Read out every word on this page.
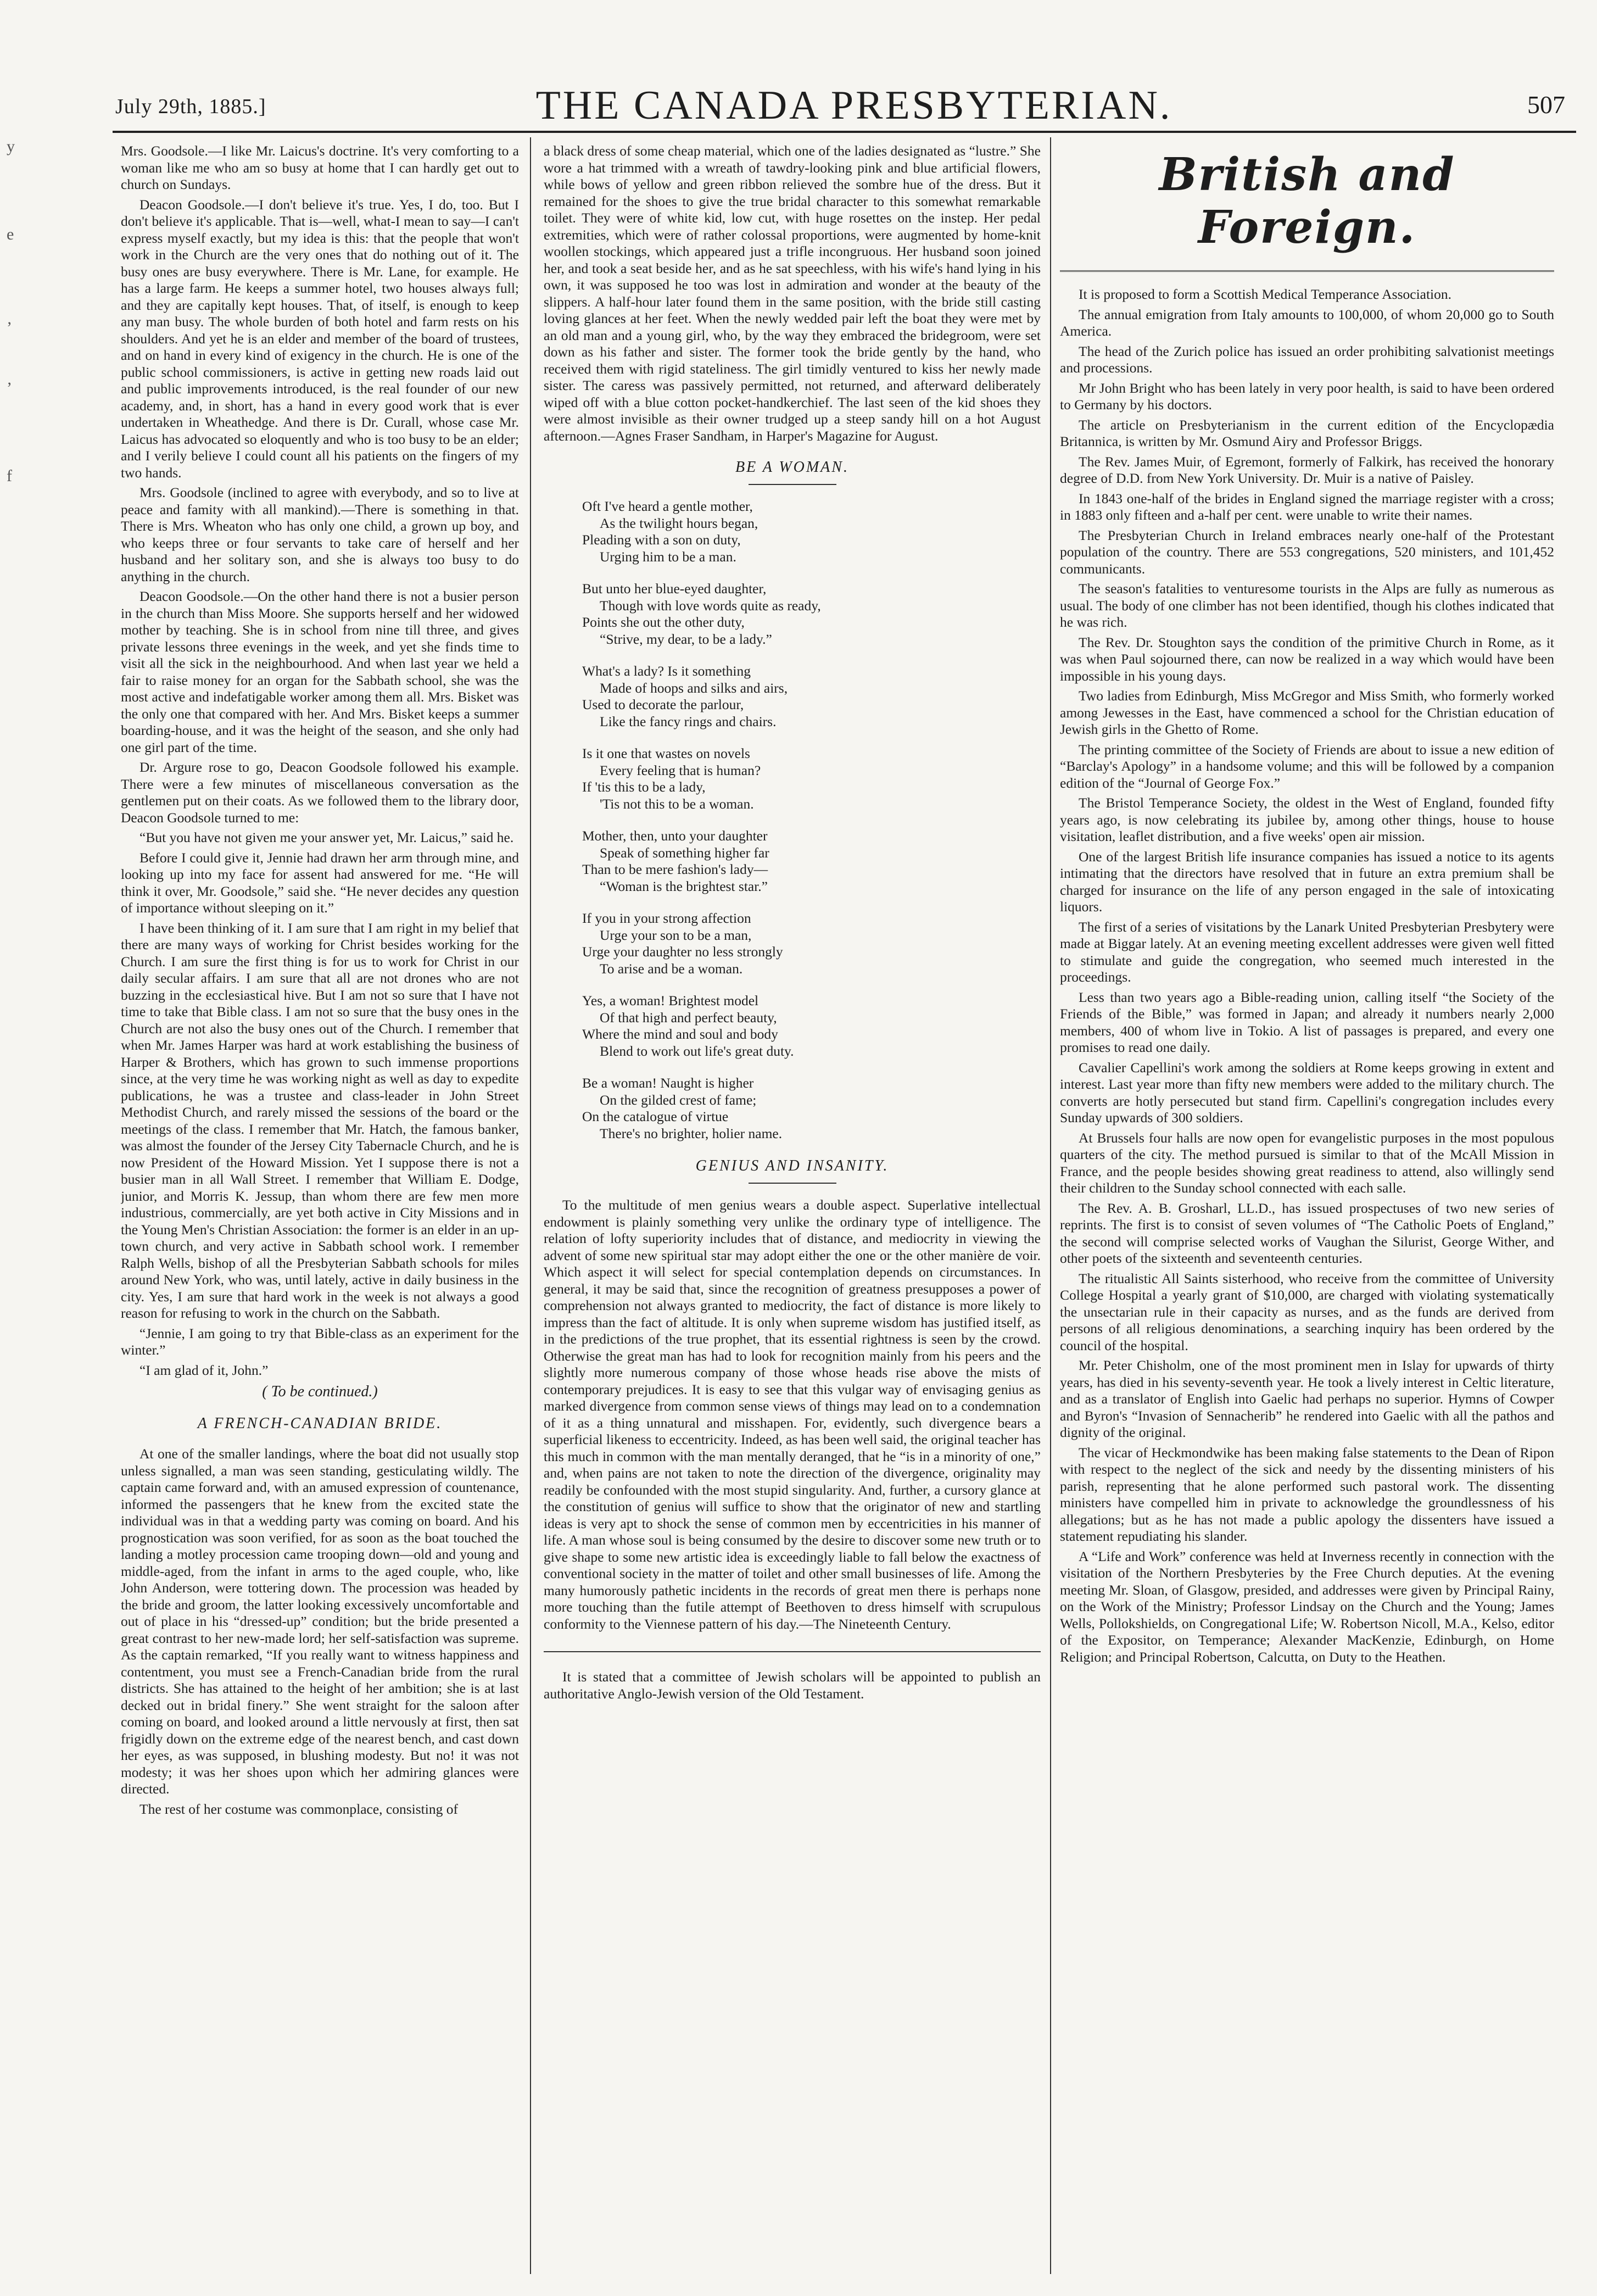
y
e
’
’
f
July 29th, 1885.]	THE CANADA PRESBYTERIAN.	507

Mrs. Goodsole.—I like Mr. Laicus's doctrine. It's very comforting to a woman like me who am so busy at home that I can hardly get out to church on Sundays.

Deacon Goodsole.—I don't believe it's true. Yes, I do, too. But I don't believe it's applicable. That is—well, what-I mean to say—I can't express myself exactly, but my idea is this: that the people that won't work in the Church are the very ones that do nothing out of it. The busy ones are busy everywhere. There is Mr. Lane, for example. He has a large farm. He keeps a summer hotel, two houses always full; and they are capitally kept houses. That, of itself, is enough to keep any man busy. The whole burden of both hotel and farm rests on his shoulders. And yet he is an elder and member of the board of trustees, and on hand in every kind of exigency in the church. He is one of the public school commissioners, is active in getting new roads laid out and public improvements introduced, is the real founder of our new academy, and, in short, has a hand in every good work that is ever undertaken in Wheathedge. And there is Dr. Curall, whose case Mr. Laicus has advocated so eloquently and who is too busy to be an elder; and I verily believe I could count all his patients on the fingers of my two hands.

Mrs. Goodsole (inclined to agree with everybody, and so to live at peace and famity with all mankind).—There is something in that. There is Mrs. Wheaton who has only one child, a grown up boy, and who keeps three or four servants to take care of herself and her husband and her solitary son, and she is always too busy to do anything in the church.

Deacon Goodsole.—On the other hand there is not a busier person in the church than Miss Moore. She supports herself and her widowed mother by teaching. She is in school from nine till three, and gives private lessons three evenings in the week, and yet she finds time to visit all the sick in the neighbourhood. And when last year we held a fair to raise money for an organ for the Sabbath school, she was the most active and indefatigable worker among them all. Mrs. Bisket was the only one that compared with her. And Mrs. Bisket keeps a summer boarding-house, and it was the height of the season, and she only had one girl part of the time.

Dr. Argure rose to go, Deacon Goodsole followed his example. There were a few minutes of miscellaneous conversation as the gentlemen put on their coats. As we followed them to the library door, Deacon Goodsole turned to me:

“But you have not given me your answer yet, Mr. Laicus,” said he.

Before I could give it, Jennie had drawn her arm through mine, and looking up into my face for assent had answered for me. “He will think it over, Mr. Goodsole,” said she. “He never decides any question of importance without sleeping on it.”

I have been thinking of it. I am sure that I am right in my belief that there are many ways of working for Christ besides working for the Church. I am sure the first thing is for us to work for Christ in our daily secular affairs. I am sure that all are not drones who are not buzzing in the ecclesiastical hive. But I am not so sure that I have not time to take that Bible class. I am not so sure that the busy ones in the Church are not also the busy ones out of the Church. I remember that when Mr. James Harper was hard at work establishing the business of Harper & Brothers, which has grown to such immense proportions since, at the very time he was working night as well as day to expedite publications, he was a trustee and class-leader in John Street Methodist Church, and rarely missed the sessions of the board or the meetings of the class. I remember that Mr. Hatch, the famous banker, was almost the founder of the Jersey City Tabernacle Church, and he is now President of the Howard Mission. Yet I suppose there is not a busier man in all Wall Street. I remember that William E. Dodge, junior, and Morris K. Jessup, than whom there are few men more industrious, commercially, are yet both active in City Missions and in the Young Men's Christian Association: the former is an elder in an up-town church, and very active in Sabbath school work. I remember Ralph Wells, bishop of all the Presbyterian Sabbath schools for miles around New York, who was, until lately, active in daily business in the city. Yes, I am sure that hard work in the week is not always a good reason for refusing to work in the church on the Sabbath.

“Jennie, I am going to try that Bible-class as an experiment for the winter.”

“I am glad of it, John.”

( To be continued.)
A FRENCH-CANADIAN BRIDE.

At one of the smaller landings, where the boat did not usually stop unless signalled, a man was seen standing, gesticulating wildly. The captain came forward and, with an amused expression of countenance, informed the passengers that he knew from the excited state the individual was in that a wedding party was coming on board. And his prognostication was soon verified, for as soon as the boat touched the landing a motley procession came trooping down—old and young and middle-aged, from the infant in arms to the aged couple, who, like John Anderson, were tottering down. The procession was headed by the bride and groom, the latter looking excessively uncomfortable and out of place in his “dressed-up” condition; but the bride presented a great contrast to her new-made lord; her self-satisfaction was supreme. As the captain remarked, “If you really want to witness happiness and contentment, you must see a French-Canadian bride from the rural districts. She has attained to the height of her ambition; she is at last decked out in bridal finery.” She went straight for the saloon after coming on board, and looked around a little nervously at first, then sat frigidly down on the extreme edge of the nearest bench, and cast down her eyes, as was supposed, in blushing modesty. But no! it was not modesty; it was her shoes upon which her admiring glances were directed.

The rest of her costume was commonplace, consisting of

a black dress of some cheap material, which one of the ladies designated as “lustre.” She wore a hat trimmed with a wreath of tawdry-looking pink and blue artificial flowers, while bows of yellow and green ribbon relieved the sombre hue of the dress. But it remained for the shoes to give the true bridal character to this somewhat remarkable toilet. They were of white kid, low cut, with huge rosettes on the instep. Her pedal extremities, which were of rather colossal proportions, were augmented by home-knit woollen stockings, which appeared just a trifle incongruous. Her husband soon joined her, and took a seat beside her, and as he sat speechless, with his wife's hand lying in his own, it was supposed he too was lost in admiration and wonder at the beauty of the slippers. A half-hour later found them in the same position, with the bride still casting loving glances at her feet. When the newly wedded pair left the boat they were met by an old man and a young girl, who, by the way they embraced the bridegroom, were set down as his father and sister. The former took the bride gently by the hand, who received them with rigid stateliness. The girl timidly ventured to kiss her newly made sister. The caress was passively permitted, not returned, and afterward deliberately wiped off with a blue cotton pocket-handkerchief. The last seen of the kid shoes they were almost invisible as their owner trudged up a steep sandy hill on a hot August afternoon.—Agnes Fraser Sandham, in Harper's Magazine for August.

BE A WOMAN.
Oft I've heard a gentle mother,
As the twilight hours began,
Pleading with a son on duty,
Urging him to be a man.
But unto her blue-eyed daughter,
Though with love words quite as ready,
Points she out the other duty,
“Strive, my dear, to be a lady.”
What's a lady? Is it something
Made of hoops and silks and airs,
Used to decorate the parlour,
Like the fancy rings and chairs.
Is it one that wastes on novels
Every feeling that is human?
If 'tis this to be a lady,
'Tis not this to be a woman.
Mother, then, unto your daughter
Speak of something higher far
Than to be mere fashion's lady—
“Woman is the brightest star.”
If you in your strong affection
Urge your son to be a man,
Urge your daughter no less strongly
To arise and be a woman.
Yes, a woman! Brightest model
Of that high and perfect beauty,
Where the mind and soul and body
Blend to work out life's great duty.
Be a woman! Naught is higher
On the gilded crest of fame;
On the catalogue of virtue
There's no brighter, holier name.
GENIUS AND INSANITY.

To the multitude of men genius wears a double aspect. Superlative intellectual endowment is plainly something very unlike the ordinary type of intelligence. The relation of lofty superiority includes that of distance, and mediocrity in viewing the advent of some new spiritual star may adopt either the one or the other manière de voir. Which aspect it will select for special contemplation depends on circumstances. In general, it may be said that, since the recognition of greatness presupposes a power of comprehension not always granted to mediocrity, the fact of distance is more likely to impress than the fact of altitude. It is only when supreme wisdom has justified itself, as in the predictions of the true prophet, that its essential rightness is seen by the crowd. Otherwise the great man has had to look for recognition mainly from his peers and the slightly more numerous company of those whose heads rise above the mists of contemporary prejudices. It is easy to see that this vulgar way of envisaging genius as marked divergence from common sense views of things may lead on to a condemnation of it as a thing unnatural and misshapen. For, evidently, such divergence bears a superficial likeness to eccentricity. Indeed, as has been well said, the original teacher has this much in common with the man mentally deranged, that he “is in a minority of one,” and, when pains are not taken to note the direction of the divergence, originality may readily be confounded with the most stupid singularity. And, further, a cursory glance at the constitution of genius will suffice to show that the originator of new and startling ideas is very apt to shock the sense of common men by eccentricities in his manner of life. A man whose soul is being consumed by the desire to discover some new truth or to give shape to some new artistic idea is exceedingly liable to fall below the exactness of conventional society in the matter of toilet and other small businesses of life. Among the many humorously pathetic incidents in the records of great men there is perhaps none more touching than the futile attempt of Beethoven to dress himself with scrupulous conformity to the Viennese pattern of his day.—The Nineteenth Century.

It is stated that a committee of Jewish scholars will be appointed to publish an authoritative Anglo-Jewish version of the Old Testament.

British and Foreign.

It is proposed to form a Scottish Medical Temperance Association.

The annual emigration from Italy amounts to 100,000, of whom 20,000 go to South America.

The head of the Zurich police has issued an order prohibiting salvationist meetings and processions.

Mr John Bright who has been lately in very poor health, is said to have been ordered to Germany by his doctors.

The article on Presbyterianism in the current edition of the Encyclopædia Britannica, is written by Mr. Osmund Airy and Professor Briggs.

The Rev. James Muir, of Egremont, formerly of Falkirk, has received the honorary degree of D.D. from New York University. Dr. Muir is a native of Paisley.

In 1843 one-half of the brides in England signed the marriage register with a cross; in 1883 only fifteen and a-half per cent. were unable to write their names.

The Presbyterian Church in Ireland embraces nearly one-half of the Protestant population of the country. There are 553 congregations, 520 ministers, and 101,452 communicants.

The season's fatalities to venturesome tourists in the Alps are fully as numerous as usual. The body of one climber has not been identified, though his clothes indicated that he was rich.

The Rev. Dr. Stoughton says the condition of the primitive Church in Rome, as it was when Paul sojourned there, can now be realized in a way which would have been impossible in his young days.

Two ladies from Edinburgh, Miss McGregor and Miss Smith, who formerly worked among Jewesses in the East, have commenced a school for the Christian education of Jewish girls in the Ghetto of Rome.

The printing committee of the Society of Friends are about to issue a new edition of “Barclay's Apology” in a handsome volume; and this will be followed by a companion edition of the “Journal of George Fox.”

The Bristol Temperance Society, the oldest in the West of England, founded fifty years ago, is now celebrating its jubilee by, among other things, house to house visitation, leaflet distribution, and a five weeks' open air mission.

One of the largest British life insurance companies has issued a notice to its agents intimating that the directors have resolved that in future an extra premium shall be charged for insurance on the life of any person engaged in the sale of intoxicating liquors.

The first of a series of visitations by the Lanark United Presbyterian Presbytery were made at Biggar lately. At an evening meeting excellent addresses were given well fitted to stimulate and guide the congregation, who seemed much interested in the proceedings.

Less than two years ago a Bible-reading union, calling itself “the Society of the Friends of the Bible,” was formed in Japan; and already it numbers nearly 2,000 members, 400 of whom live in Tokio. A list of passages is prepared, and every one promises to read one daily.

Cavalier Capellini's work among the soldiers at Rome keeps growing in extent and interest. Last year more than fifty new members were added to the military church. The converts are hotly persecuted but stand firm. Capellini's congregation includes every Sunday upwards of 300 soldiers.

At Brussels four halls are now open for evangelistic purposes in the most populous quarters of the city. The method pursued is similar to that of the McAll Mission in France, and the people besides showing great readiness to attend, also willingly send their children to the Sunday school connected with each salle.

The Rev. A. B. Grosharl, LL.D., has issued prospectuses of two new series of reprints. The first is to consist of seven volumes of “The Catholic Poets of England,” the second will comprise selected works of Vaughan the Silurist, George Wither, and other poets of the sixteenth and seventeenth centuries.

The ritualistic All Saints sisterhood, who receive from the committee of University College Hospital a yearly grant of $10,000, are charged with violating systematically the unsectarian rule in their capacity as nurses, and as the funds are derived from persons of all religious denominations, a searching inquiry has been ordered by the council of the hospital.

Mr. Peter Chisholm, one of the most prominent men in Islay for upwards of thirty years, has died in his seventy-seventh year. He took a lively interest in Celtic literature, and as a translator of English into Gaelic had perhaps no superior. Hymns of Cowper and Byron's “Invasion of Sennacherib” he rendered into Gaelic with all the pathos and dignity of the original.

The vicar of Heckmondwike has been making false statements to the Dean of Ripon with respect to the neglect of the sick and needy by the dissenting ministers of his parish, representing that he alone performed such pastoral work. The dissenting ministers have compelled him in private to acknowledge the groundlessness of his allegations; but as he has not made a public apology the dissenters have issued a statement repudiating his slander.

A “Life and Work” conference was held at Inverness recently in connection with the visitation of the Northern Presbyteries by the Free Church deputies. At the evening meeting Mr. Sloan, of Glasgow, presided, and addresses were given by Principal Rainy, on the Work of the Ministry; Professor Lindsay on the Church and the Young; James Wells, Pollokshields, on Congregational Life; W. Robertson Nicoll, M.A., Kelso, editor of the Expositor, on Temperance; Alexander MacKenzie, Edinburgh, on Home Religion; and Principal Robertson, Calcutta, on Duty to the Heathen.
